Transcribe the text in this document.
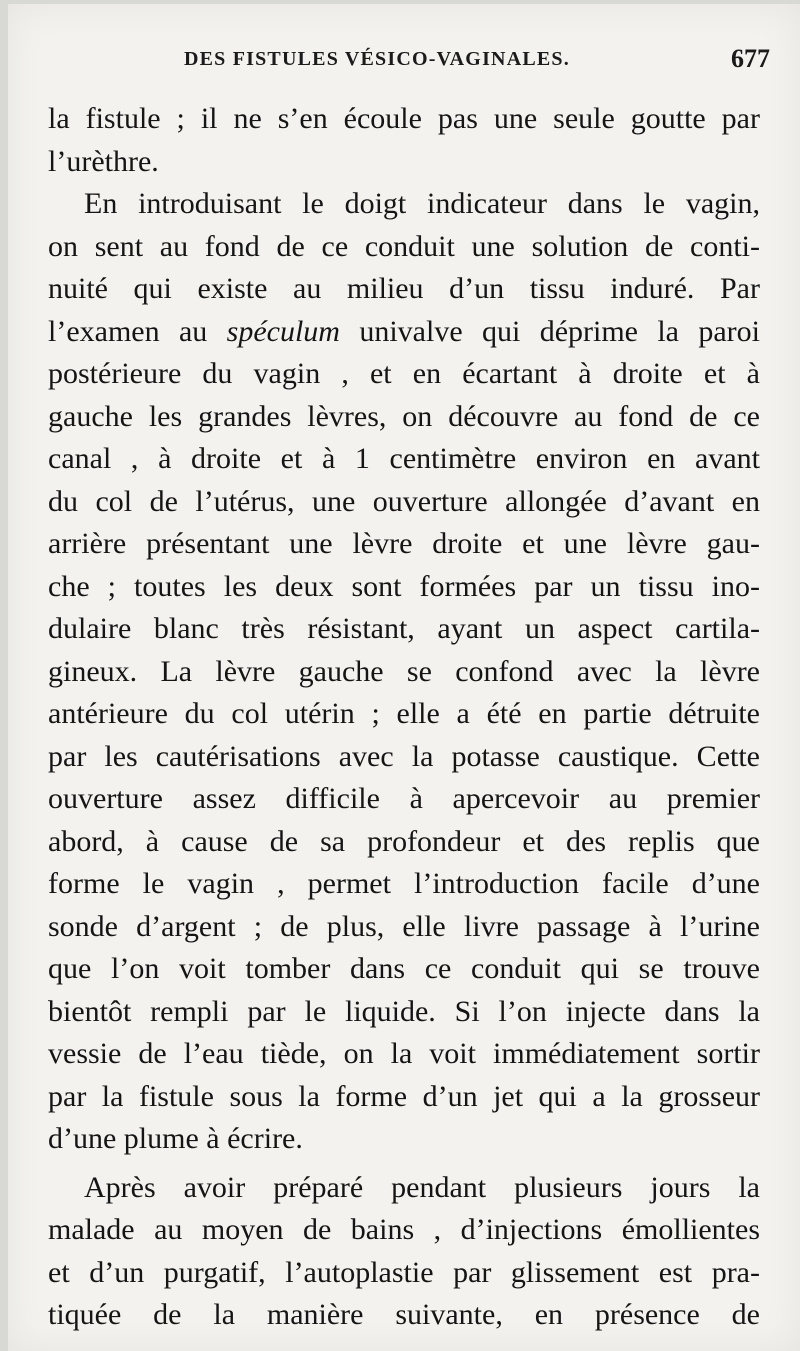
DES FISTULES VÉSICO-VAGINALES.	677
la fistule ; il ne s’en écoule pas une seule goutte par
l’urèthre.
En introduisant le doigt indicateur dans le vagin,
on sent au fond de ce conduit une solution de conti-
nuité qui existe au milieu d’un tissu induré. Par
l’examen au spéculum univalve qui déprime la paroi
postérieure du vagin , et en écartant à droite et à
gauche les grandes lèvres, on découvre au fond de ce
canal , à droite et à 1 centimètre environ en avant
du col de l’utérus, une ouverture allongée d’avant en
arrière présentant une lèvre droite et une lèvre gau-
che ; toutes les deux sont formées par un tissu ino-
dulaire blanc très résistant, ayant un aspect cartila-
gineux. La lèvre gauche se confond avec la lèvre
antérieure du col utérin ; elle a été en partie détruite
par les cautérisations avec la potasse caustique. Cette
ouverture assez difficile à apercevoir au premier
abord, à cause de sa profondeur et des replis que
forme le vagin , permet l’introduction facile d’une
sonde d’argent ; de plus, elle livre passage à l’urine
que l’on voit tomber dans ce conduit qui se trouve
bientôt rempli par le liquide. Si l’on injecte dans la
vessie de l’eau tiède, on la voit immédiatement sortir
par la fistule sous la forme d’un jet qui a la grosseur
d’une plume à écrire.
Après avoir préparé pendant plusieurs jours la
malade au moyen de bains , d’injections émollientes
et d’un purgatif, l’autoplastie par glissement est pra-
tiquée de la manière suivante, en présence de
